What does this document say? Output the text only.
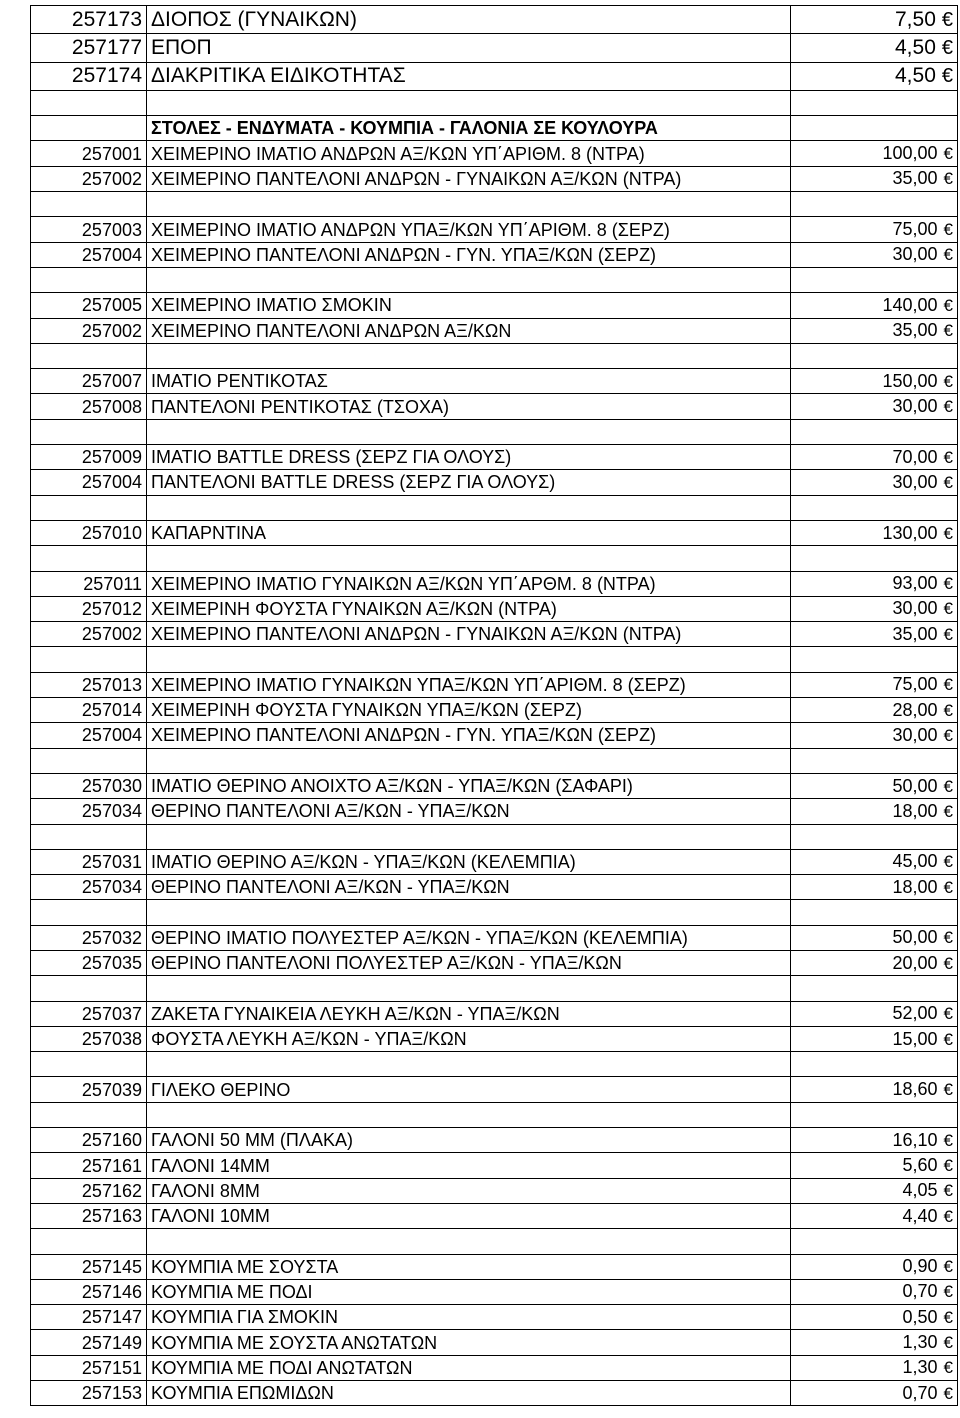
257173	ΔΙΟΠΟΣ (ΓΥΝΑΙΚΩΝ)	7,50 €
257177	ΕΠΟΠ	4,50 €
257174	ΔΙΑΚΡΙΤΙΚΑ ΕΙΔΙΚΟΤΗΤΑΣ	4,50 €

	ΣΤΟΛΕΣ - ΕΝΔΥΜΑΤΑ - ΚΟΥΜΠΙΑ - ΓΑΛΟΝΙΑ ΣΕ ΚΟΥΛΟΥΡΑ	
257001	ΧΕΙΜΕΡΙΝΟ ΙΜΑΤΙΟ ΑΝΔΡΩΝ ΑΞ/ΚΩΝ ΥΠ΄ΑΡΙΘΜ. 8 (ΝΤΡΑ)	100,00 €
257002	ΧΕΙΜΕΡΙΝΟ ΠΑΝΤΕΛΟΝΙ ΑΝΔΡΩΝ - ΓΥΝΑΙΚΩΝ ΑΞ/ΚΩΝ (ΝΤΡΑ)	35,00 €

257003	ΧΕΙΜΕΡΙΝΟ ΙΜΑΤΙΟ ΑΝΔΡΩΝ ΥΠΑΞ/ΚΩΝ ΥΠ΄ΑΡΙΘΜ. 8 (ΣΕΡΖ)	75,00 €
257004	ΧΕΙΜΕΡΙΝΟ ΠΑΝΤΕΛΟΝΙ ΑΝΔΡΩΝ - ΓΥΝ. ΥΠΑΞ/ΚΩΝ (ΣΕΡΖ)	30,00 €

257005	ΧΕΙΜΕΡΙΝΟ ΙΜΑΤΙΟ ΣΜΟΚΙΝ	140,00 €
257002	ΧΕΙΜΕΡΙΝΟ ΠΑΝΤΕΛΟΝΙ ΑΝΔΡΩΝ ΑΞ/ΚΩΝ	35,00 €

257007	ΙΜΑΤΙΟ ΡΕΝΤΙΚΟΤΑΣ	150,00 €
257008	ΠΑΝΤΕΛΟΝΙ ΡΕΝΤΙΚΟΤΑΣ (ΤΣΟΧΑ)	30,00 €

257009	ΙΜΑΤΙΟ BATTLE DRESS (ΣΕΡΖ ΓΙΑ ΟΛΟΥΣ)	70,00 €
257004	ΠΑΝΤΕΛΟΝΙ BATTLE DRESS (ΣΕΡΖ ΓΙΑ ΟΛΟΥΣ)	30,00 €

257010	ΚΑΠΑΡΝΤΙΝΑ	130,00 €

257011	ΧΕΙΜΕΡΙΝΟ ΙΜΑΤΙΟ ΓΥΝΑΙΚΩΝ ΑΞ/ΚΩΝ ΥΠ΄ΑΡΘΜ. 8 (ΝΤΡΑ)	93,00 €
257012	ΧΕΙΜΕΡΙΝΗ ΦΟΥΣΤΑ ΓΥΝΑΙΚΩΝ ΑΞ/ΚΩΝ (ΝΤΡΑ)	30,00 €
257002	ΧΕΙΜΕΡΙΝΟ ΠΑΝΤΕΛΟΝΙ ΑΝΔΡΩΝ - ΓΥΝΑΙΚΩΝ ΑΞ/ΚΩΝ (ΝΤΡΑ)	35,00 €

257013	ΧΕΙΜΕΡΙΝΟ ΙΜΑΤΙΟ ΓΥΝΑΙΚΩΝ ΥΠΑΞ/ΚΩΝ ΥΠ΄ΑΡΙΘΜ. 8 (ΣΕΡΖ)	75,00 €
257014	ΧΕΙΜΕΡΙΝΗ ΦΟΥΣΤΑ ΓΥΝΑΙΚΩΝ ΥΠΑΞ/ΚΩΝ (ΣΕΡΖ)	28,00 €
257004	ΧΕΙΜΕΡΙΝΟ ΠΑΝΤΕΛΟΝΙ ΑΝΔΡΩΝ - ΓΥΝ. ΥΠΑΞ/ΚΩΝ (ΣΕΡΖ)	30,00 €

257030	ΙΜΑΤΙΟ ΘΕΡΙΝΟ ΑΝΟΙΧΤΟ ΑΞ/ΚΩΝ - ΥΠΑΞ/ΚΩΝ (ΣΑΦΑΡΙ)	50,00 €
257034	ΘΕΡΙΝΟ ΠΑΝΤΕΛΟΝΙ ΑΞ/ΚΩΝ - ΥΠΑΞ/ΚΩΝ	18,00 €

257031	ΙΜΑΤΙΟ ΘΕΡΙΝΟ ΑΞ/ΚΩΝ - ΥΠΑΞ/ΚΩΝ (ΚΕΛΕΜΠΙΑ)	45,00 €
257034	ΘΕΡΙΝΟ ΠΑΝΤΕΛΟΝΙ ΑΞ/ΚΩΝ - ΥΠΑΞ/ΚΩΝ	18,00 €

257032	ΘΕΡΙΝΟ ΙΜΑΤΙΟ ΠΟΛΥΕΣΤΕΡ ΑΞ/ΚΩΝ - ΥΠΑΞ/ΚΩΝ (ΚΕΛΕΜΠΙΑ)	50,00 €
257035	ΘΕΡΙΝΟ ΠΑΝΤΕΛΟΝΙ ΠΟΛΥΕΣΤΕΡ ΑΞ/ΚΩΝ - ΥΠΑΞ/ΚΩΝ	20,00 €

257037	ΖΑΚΕΤΑ ΓΥΝΑΙΚΕΙΑ ΛΕΥΚΗ ΑΞ/ΚΩΝ - ΥΠΑΞ/ΚΩΝ	52,00 €
257038	ΦΟΥΣΤΑ ΛΕΥΚΗ ΑΞ/ΚΩΝ - ΥΠΑΞ/ΚΩΝ	15,00 €

257039	ΓΙΛΕΚΟ ΘΕΡΙΝΟ	18,60 €

257160	ΓΑΛΟΝΙ 50 ΜΜ (ΠΛΑΚΑ)	16,10 €
257161	ΓΑΛΟΝΙ 14ΜΜ	5,60 €
257162	ΓΑΛΟΝΙ 8ΜΜ	4,05 €
257163	ΓΑΛΟΝΙ 10ΜΜ	4,40 €

257145	ΚΟΥΜΠΙΑ ΜΕ ΣΟΥΣΤΑ	0,90 €
257146	ΚΟΥΜΠΙΑ ΜΕ ΠΟΔΙ	0,70 €
257147	ΚΟΥΜΠΙΑ ΓΙΑ ΣΜΟΚΙΝ	0,50 €
257149	ΚΟΥΜΠΙΑ ΜΕ ΣΟΥΣΤΑ ΑΝΩΤΑΤΩΝ	1,30 €
257151	ΚΟΥΜΠΙΑ ΜΕ ΠΟΔΙ ΑΝΩΤΑΤΩΝ	1,30 €
257153	ΚΟΥΜΠΙΑ ΕΠΩΜΙΔΩΝ	0,70 €
